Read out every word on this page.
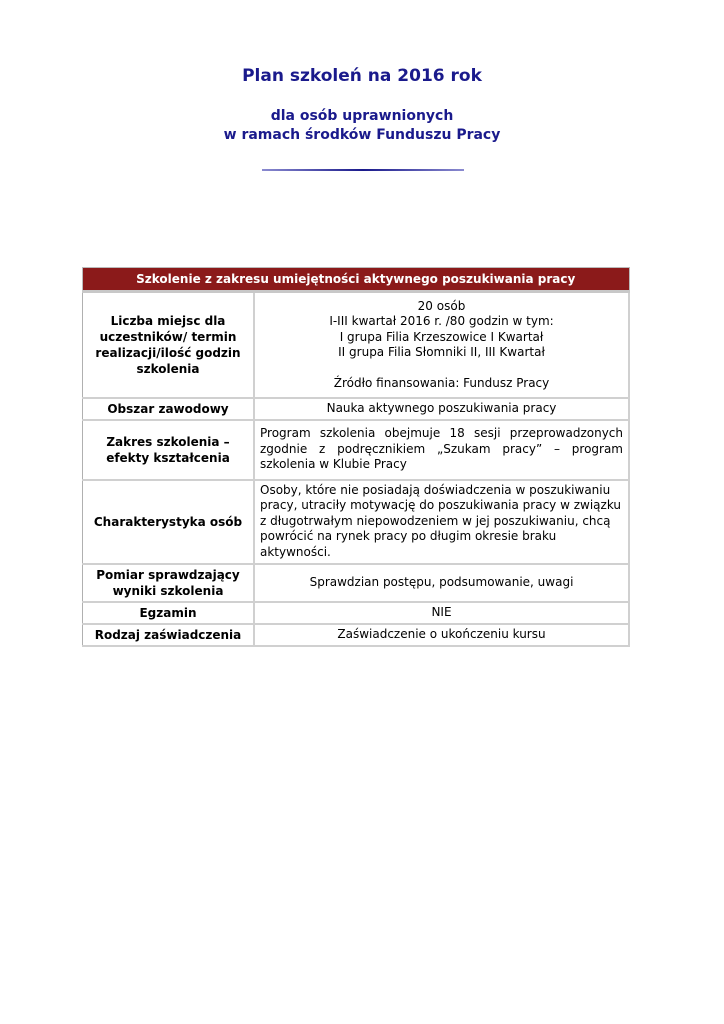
Plan szkoleń na 2016 rok
dla osób uprawnionych
w ramach środków Funduszu Pracy
Szkolenie z zakresu umiejętności aktywnego poszukiwania pracy	
Liczba miejsc dla uczestników/ termin realizacji/ilość godzin szkolenia	20 osób
I-III kwartał 2016 r. /80 godzin w tym:
I grupa Filia Krzeszowice I Kwartał
II grupa Filia Słomniki II, III Kwartał
Źródło finansowania: Fundusz Pracy

Obszar zawodowy	Nauka aktywnego poszukiwania pracy
Zakres szkolenia – efekty kształcenia	Program szkolenia obejmuje 18 sesji przeprowadzonych zgodnie z podręcznikiem „Szukam pracy” – program szkolenia w Klubie Pracy
Charakterystyka osób	Osoby, które nie posiadają doświadczenia w poszukiwaniu pracy, utraciły motywację do poszukiwania pracy w związku z długotrwałym niepowodzeniem w jej poszukiwaniu, chcą powrócić na rynek pracy po długim okresie braku aktywności.
Pomiar sprawdzający wyniki szkolenia	Sprawdzian postępu, podsumowanie, uwagi
Egzamin	NIE
Rodzaj zaświadczenia	Zaświadczenie o ukończeniu kursu
